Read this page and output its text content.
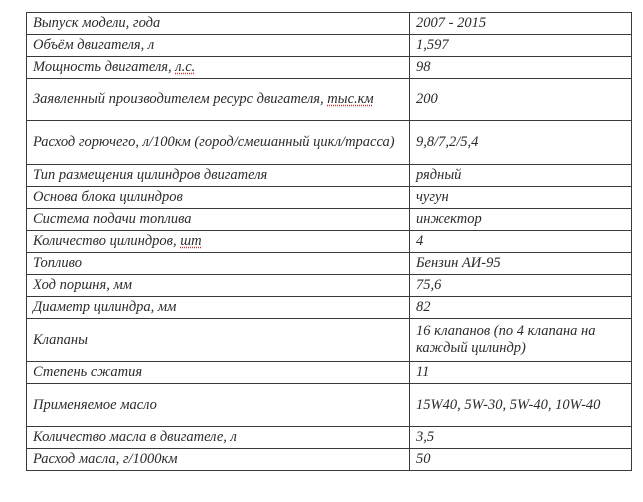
Выпуск модели, года	2007 - 2015
Объём двигателя, л	1,597
Мощность двигателя, л.с.	98
Заявленный производителем ресурс двигателя, тыс.км	200
Расход горючего, л/100км (город/смешанный цикл/трасса)	9,8/7,2/5,4
Тип размещения цилиндров двигателя	рядный
Основа блока цилиндров	чугун
Система подачи топлива	инжектор
Количество цилиндров, шт	4
Топливо	Бензин АИ-95
Ход поршня, мм	75,6
Диаметр цилиндра, мм	82
Клапаны	16 клапанов (по 4 клапана на каждый цилиндр)
Степень сжатия	11
Применяемое масло	15W40, 5W-30, 5W-40, 10W-40
Количество масла в двигателе, л	3,5
Расход масла, г/1000км	50
